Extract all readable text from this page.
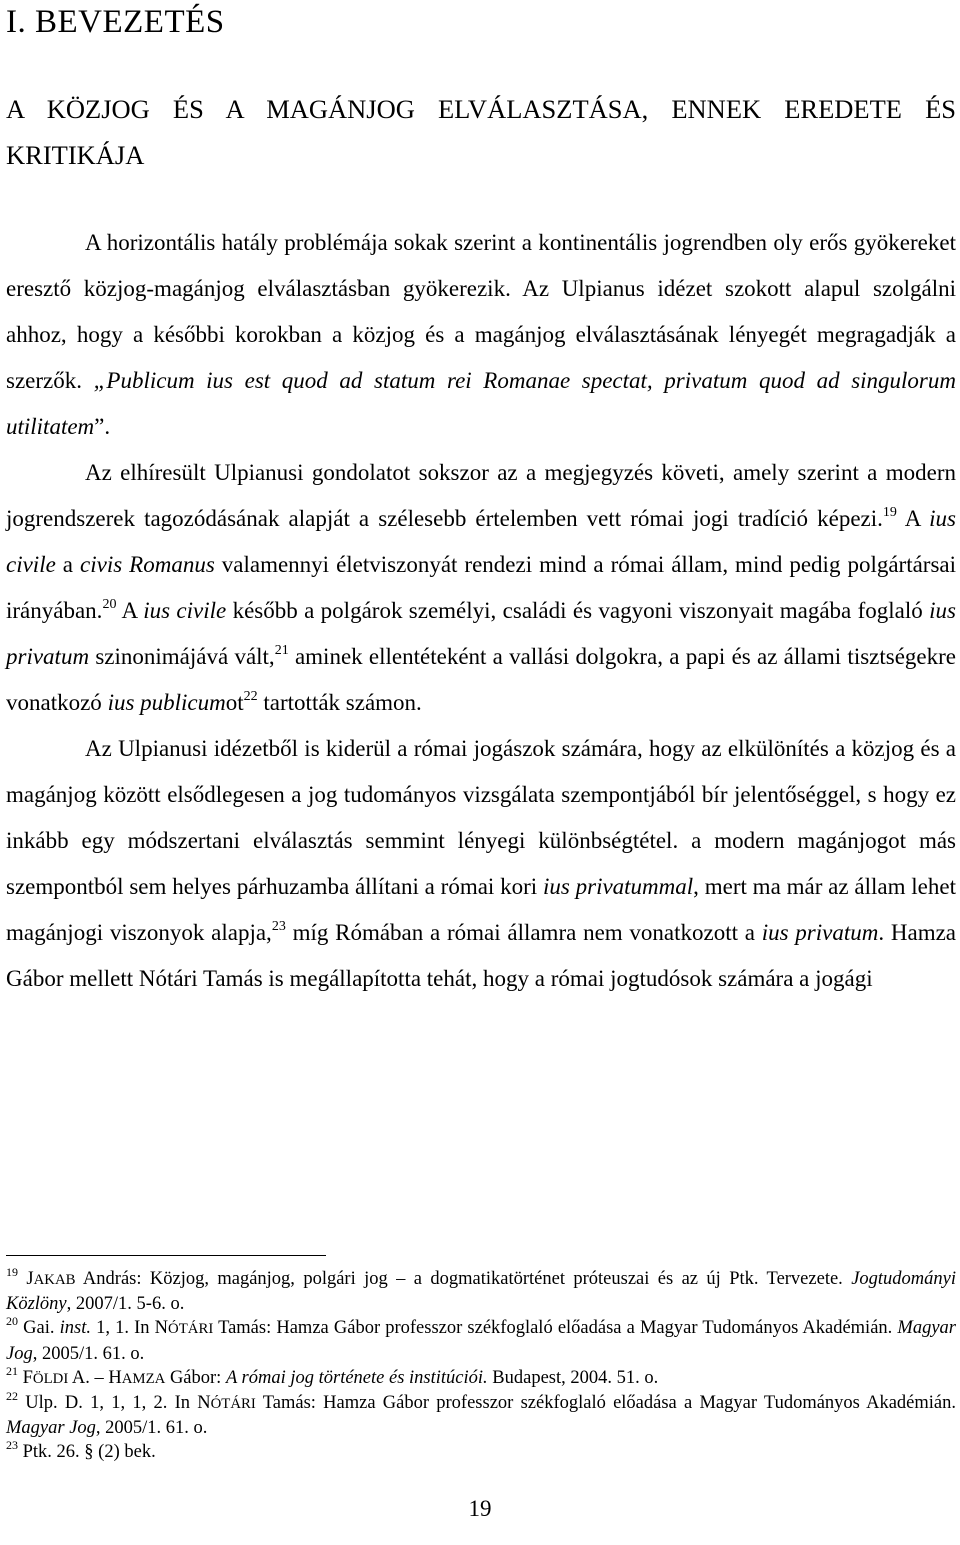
I. BEVEZETÉS
A KÖZJOG ÉS A MAGÁNJOG ELVÁLASZTÁSA, ENNEK EREDETE ÉS KRITIKÁJA

A horizontális hatály problémája sokak szerint a kontinentális jogrendben oly erős gyökereket eresztő közjog-magánjog elválasztásban gyökerezik. Az Ulpianus idézet szokott alapul szolgálni ahhoz, hogy a későbbi korokban a közjog és a magánjog elválasztásának lényegét megragadják a szerzők. „Publicum ius est quod ad statum rei Romanae spectat, privatum quod ad singulorum utilitatem”.

Az elhíresült Ulpianusi gondolatot sokszor az a megjegyzés követi, amely szerint a modern jogrendszerek tagozódásának alapját a szélesebb értelemben vett római jogi tradíció képezi.$^{19}$ A ius civile a civis Romanus valamennyi életviszonyát rendezi mind a római állam, mind pedig polgártársai irányában.$^{20}$ A ius civile később a polgárok személyi, családi és vagyoni viszonyait magába foglaló ius privatum szinonimájává vált,$^{21}$ aminek ellentéteként a vallási dolgokra, a papi és az állami tisztségekre vonatkozó ius publicumot$^{22}$ tartották számon.

Az Ulpianusi idézetből is kiderül a római jogászok számára, hogy az elkülönítés a közjog és a magánjog között elsődlegesen a jog tudományos vizsgálata szempontjából bír jelentőséggel, s hogy ez inkább egy módszertani elválasztás semmint lényegi különbségtétel. a modern magánjogot más szempontból sem helyes párhuzamba állítani a római kori ius privatummal, mert ma már az állam lehet magánjogi viszonyok alapja,$^{23}$ míg Rómában a római államra nem vonatkozott a ius privatum. Hamza Gábor mellett Nótári Tamás is megállapította tehát, hogy a római jogtudósok számára a jogági

$^{19}$ JAKAB András: Közjog, magánjog, polgári jog – a dogmatikatörténet próteuszai és az új Ptk. Tervezete. Jogtudományi Közlöny, 2007/1. 5-6. o.

$^{20}$ Gai. inst. 1, 1. In NÓTÁRI Tamás: Hamza Gábor professzor székfoglaló előadása a Magyar Tudományos Akadémián. Magyar Jog, 2005/1. 61. o.

$^{21}$ FÖLDI A. – HAMZA Gábor: A római jog története és institúciói. Budapest, 2004. 51. o.

$^{22}$ Ulp. D. 1, 1, 1, 2. In NÓTÁRI Tamás: Hamza Gábor professzor székfoglaló előadása a Magyar Tudományos Akadémián. Magyar Jog, 2005/1. 61. o.

$^{23}$ Ptk. 26. § (2) bek.

19
